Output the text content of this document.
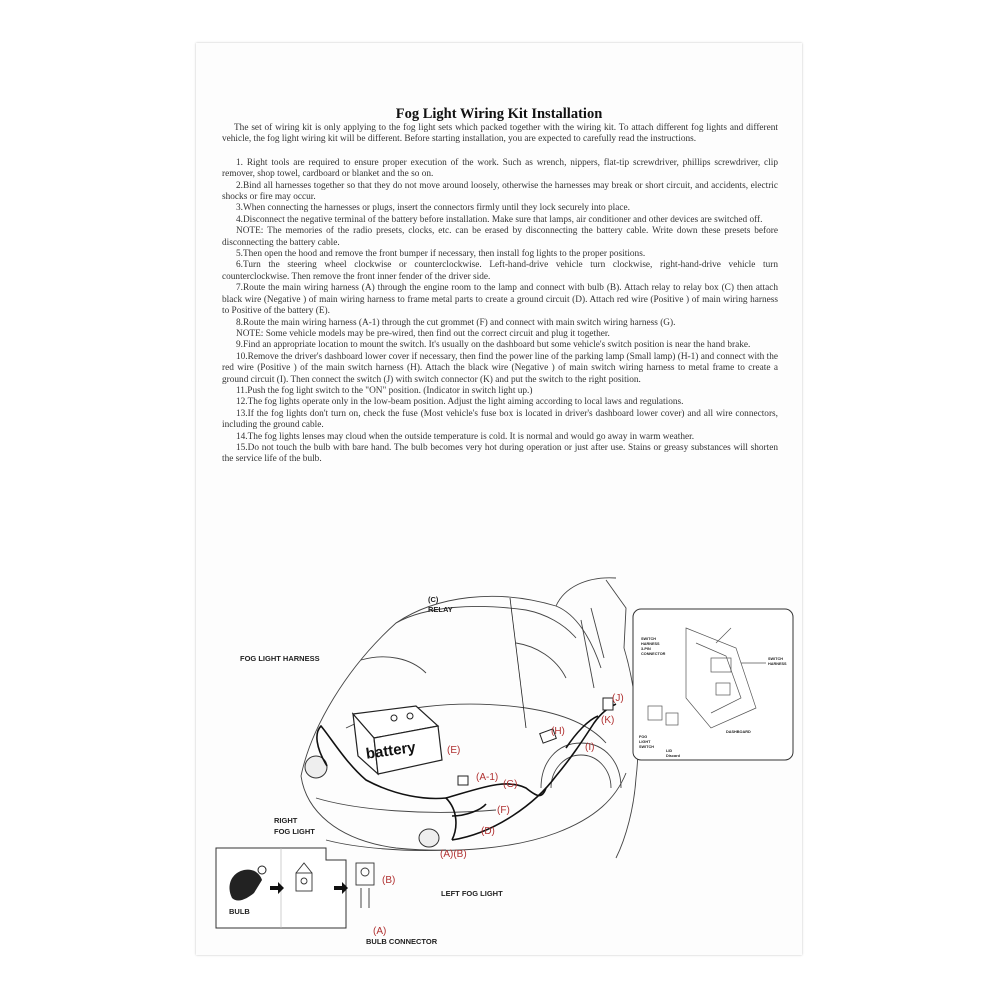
Fog Light Wiring Kit Installation

The set of wiring kit is only applying to the fog light sets which packed together with the wiring kit. To attach different fog lights and different vehicle, the fog light wiring kit will be different. Before starting installation, you are expected to carefully read the instructions.

1. Right tools are required to ensure proper execution of the work. Such as wrench, nippers, flat-tip screwdriver, phillips screwdriver, clip remover, shop towel, cardboard or blanket and the so on.

2.Bind all harnesses together so that they do not move around loosely, otherwise the harnesses may break or short circuit, and accidents, electric shocks or fire may occur.

3.When connecting the harnesses or plugs, insert the connectors firmly until they lock securely into place.

4.Disconnect the negative terminal of the battery before installation. Make sure that lamps, air conditioner and other devices are switched off.

NOTE: The memories of the radio presets, clocks, etc. can be erased by disconnecting the battery cable. Write down these presets before disconnecting the battery cable.

5.Then open the hood and remove the front bumper if necessary, then install fog lights to the proper positions.

6.Turn the steering wheel clockwise or counterclockwise. Left-hand-drive vehicle turn clockwise, right-hand-drive vehicle turn counterclockwise. Then remove the front inner fender of the driver side.

7.Route the main wiring harness (A) through the engine room to the lamp and connect with bulb (B). Attach relay to relay box (C) then attach black wire (Negative ) of main wiring harness to frame metal parts to create a ground circuit (D). Attach red wire (Positive ) of main wiring harness to Positive of the battery (E).

8.Route the main wiring harness (A-1) through the cut grommet (F) and connect with main switch wiring harness (G).

NOTE: Some vehicle models may be pre-wired, then find out the correct circuit and plug it together.

9.Find an appropriate location to mount the switch. It's usually on the dashboard but some vehicle's switch position is near the hand brake.

10.Remove the driver's dashboard lower cover if necessary, then find the power line of the parking lamp (Small lamp) (H-1) and connect with the red wire (Positive ) of the main switch harness (H). Attach the black wire (Negative ) of main switch wiring harness to metal frame to create a ground circuit (I). Then connect the switch (J) with switch connector (K) and put the switch to the right position.

11.Push the fog light switch to the "ON" position. (Indicator in switch light up.)

12.The fog lights operate only in the low-beam position. Adjust the light aiming according to local laws and regulations.

13.If the fog lights don't turn on, check the fuse (Most vehicle's fuse box is located in driver's dashboard lower cover) and all wire connectors, including the ground cable.

14.The fog lights lenses may cloud when the outside temperature is cold. It is normal and would go away in warm weather.

15.Do not touch the bulb with bare hand. The bulb becomes very hot during operation or just after use. Stains or greasy substances will shorten the service life of the bulb.

battery
(C)
RELAY
FOG LIGHT HARNESS
RIGHT
FOG LIGHT
LEFT FOG LIGHT
(E)
(A-1)
(G)
(F)
(D)
(A)(B)
(H)
(I)
(K)
(J)
SWITCH
HARNESS
3-PIN
CONNECTOR
SWITCH
HARNESS
DASHBOARD
FOG
LIGHT
SWITCH
LID
Discard
BULB
(B)
(A)
BULB CONNECTOR
